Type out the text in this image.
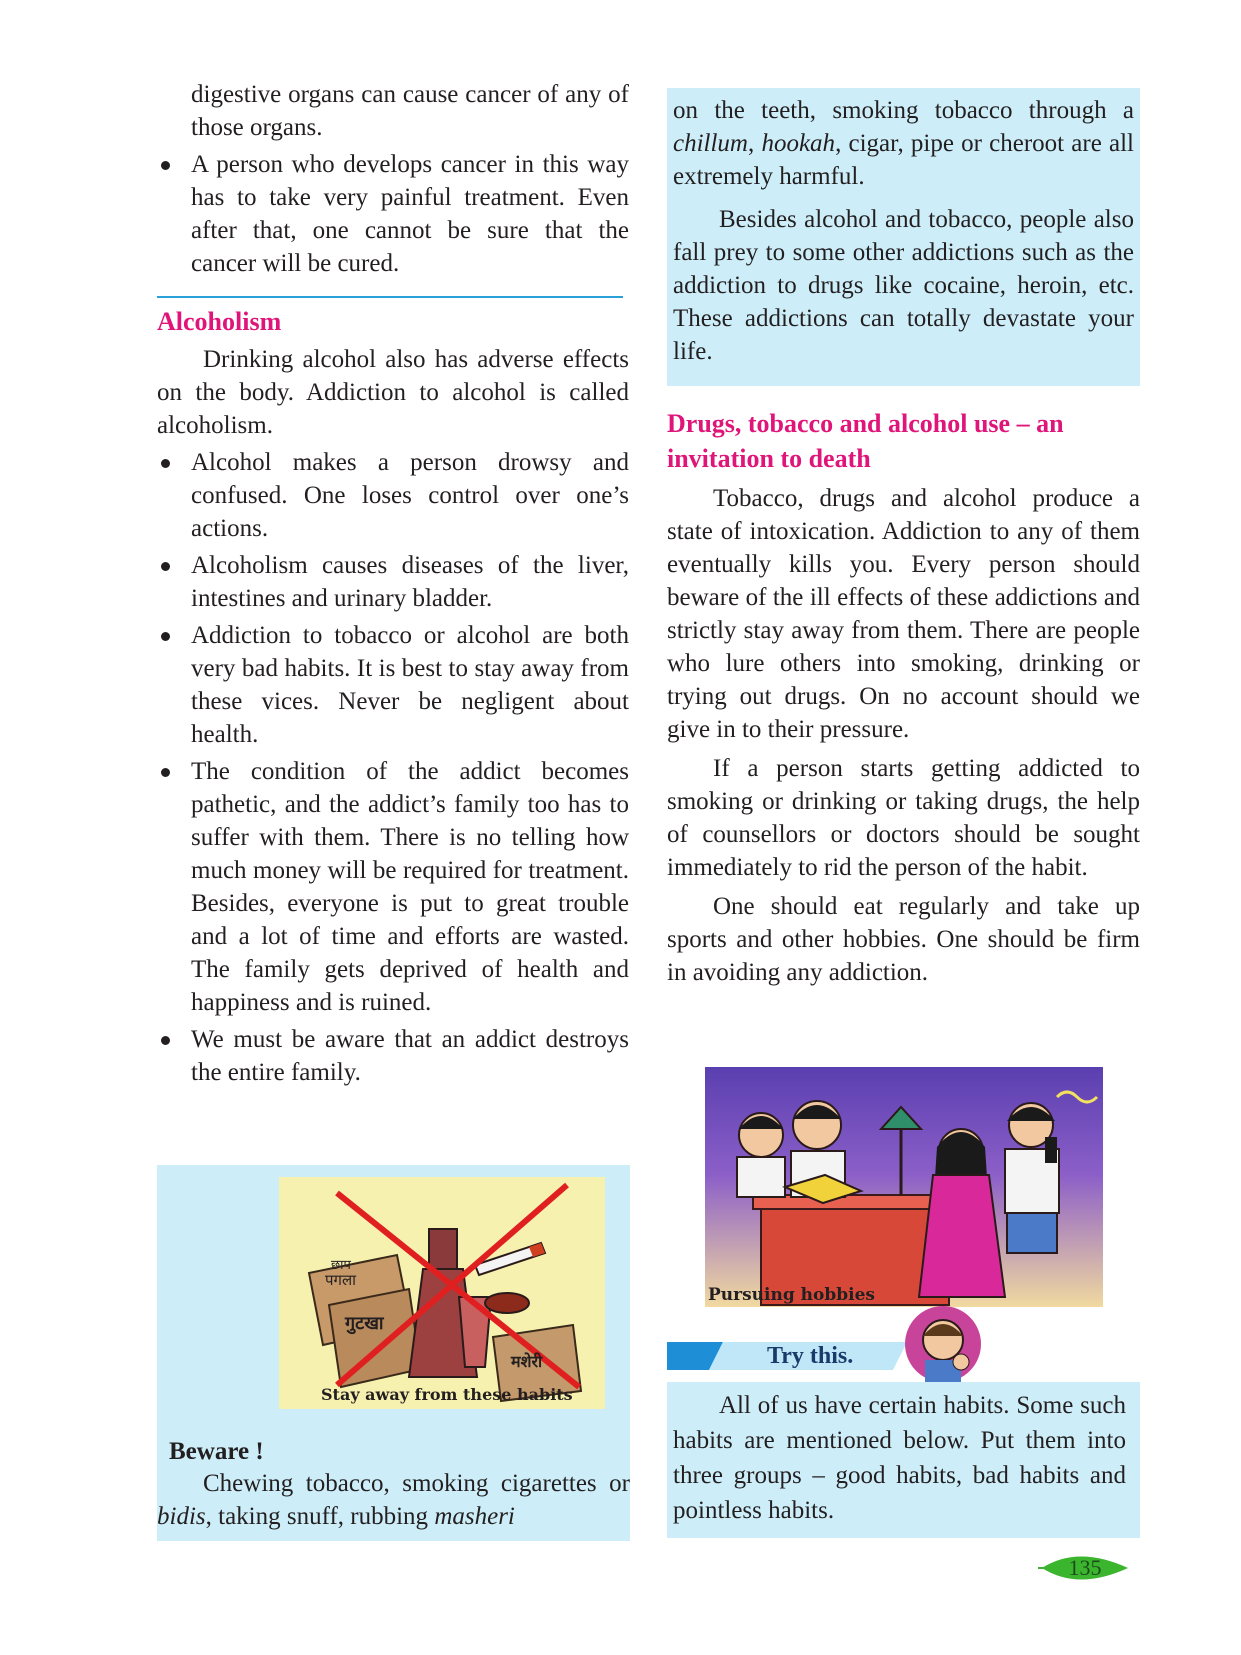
digestive organs can cause cancer of any of those organs.

A person who develops cancer in this way has to take very painful treatment. Even after that, one cannot be sure that the cancer will be cured.
Alcoholism

Drinking alcohol also has adverse effects on the body. Addiction to alcohol is called alcoholism.

Alcohol makes a person drowsy and confused. One loses control over one’s actions.
Alcoholism causes diseases of the liver, intestines and urinary bladder.
Addiction to tobacco or alcohol are both very bad habits. It is best to stay away from these vices. Never be negligent about health.
The condition of the addict becomes pathetic, and the addict’s family too has to suffer with them. There is no telling how much money will be required for treatment. Besides, everyone is put to great trouble and a lot of time and efforts are wasted. The family gets deprived of health and happiness and is ruined.
We must be aware that an addict destroys the entire family.
छाप
पगला
गुटखा
मशेरी
Stay away from these habits
Beware !

Chewing tobacco, smoking cigarettes or bidis, taking snuff, rubbing masheri

on the teeth, smoking tobacco through a chillum, hookah, cigar, pipe or cheroot are all extremely harmful.

Besides alcohol and tobacco, people also fall prey to some other addictions such as the addiction to drugs like cocaine, heroin, etc. These addictions can totally devastate your life.

Drugs, tobacco and alcohol use – an invitation to death

Tobacco, drugs and alcohol produce a state of intoxication. Addiction to any of them eventually kills you. Every person should beware of the ill effects of these addictions and strictly stay away from them. There are people who lure others into smoking, drinking or trying out drugs. On no account should we give in to their pressure.

If a person starts getting addicted to smoking or drinking or taking drugs, the help of counsellors or doctors should be sought immediately to rid the person of the habit.

One should eat regularly and take up sports and other hobbies. One should be firm in avoiding any addiction.

Pursuing hobbies
Try this.

All of us have certain habits. Some such habits are mentioned below. Put them into three groups – good habits, bad habits and pointless habits.

135
